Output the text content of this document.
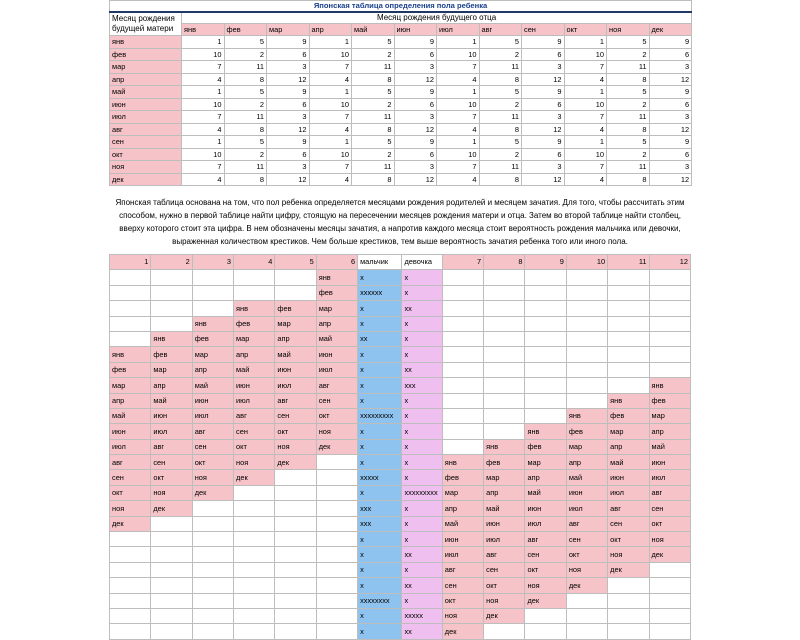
Японская таблица определения пола ребенка												
Месяц рождения будущей матери	Месяц рождения будущего отца											
	янв	фев	мар	апр	май	июн	июл	авг	сен	окт	ноя	дек
янв	1	5	9	1	5	9	1	5	9	1	5	9
фев	10	2	6	10	2	6	10	2	6	10	2	6
мар	7	11	3	7	11	3	7	11	3	7	11	3
апр	4	8	12	4	8	12	4	8	12	4	8	12
май	1	5	9	1	5	9	1	5	9	1	5	9
июн	10	2	6	10	2	6	10	2	6	10	2	6
июл	7	11	3	7	11	3	7	11	3	7	11	3
авг	4	8	12	4	8	12	4	8	12	4	8	12
сен	1	5	9	1	5	9	1	5	9	1	5	9
окт	10	2	6	10	2	6	10	2	6	10	2	6
ноя	7	11	3	7	11	3	7	11	3	7	11	3
дек	4	8	12	4	8	12	4	8	12	4	8	12
Японская таблица основана на том, что пол ребенка определяется месяцами рождения родителей и месяцем зачатия. Для того, чтобы рассчитать этим способом, нужно в первой таблице найти цифру, стоящую на пересечении месяцев рождения матери и отца. Затем во второй таблице найти столбец, вверху которого стоит эта цифра. В нем обозначены месяцы зачатия, а напротив каждого месяца стоит вероятность рождения мальчика или девочки, выраженная количеством крестиков. Чем больше крестиков, тем выше вероятность зачатия ребенка того или иного пола.
1	2	3	4	5	6	мальчик	девочка	7	8	9	10	11	12
					янв	x	x						
					фев	xxxxxx	x						
			янв	фев	мар	x	xx						
		янв	фев	мар	апр	x	x						
	янв	фев	мар	апр	май	xx	x						
янв	фев	мар	апр	май	июн	x	x						
фев	мар	апр	май	июн	июл	x	xx						
мар	апр	май	июн	июл	авг	x	xxx						янв
апр	май	июн	июл	авг	сен	x	x					янв	фев
май	июн	июл	авг	сен	окт	xxxxxxxxx	x				янв	фев	мар
июн	июл	авг	сен	окт	ноя	x	x			янв	фев	мар	апр
июл	авг	сен	окт	ноя	дек	x	x		янв	фев	мар	апр	май
авг	сен	окт	ноя	дек		x	x	янв	фев	мар	апр	май	июн
сен	окт	ноя	дек			xxxxx	x	фев	мар	апр	май	июн	июл
окт	ноя	дек				x	xxxxxxxxx	мар	апр	май	июн	июл	авг
ноя	дек					xxx	x	апр	май	июн	июл	авг	сен
дек						xxx	x	май	июн	июл	авг	сен	окт
						x	x	июн	июл	авг	сен	окт	ноя
						x	xx	июл	авг	сен	окт	ноя	дек
						x	x	авг	сен	окт	ноя	дек	
						x	xx	сен	окт	ноя	дек		
						xxxxxxxx	x	окт	ноя	дек			
						x	xxxxx	ноя	дек				
						x	xx	дек					
